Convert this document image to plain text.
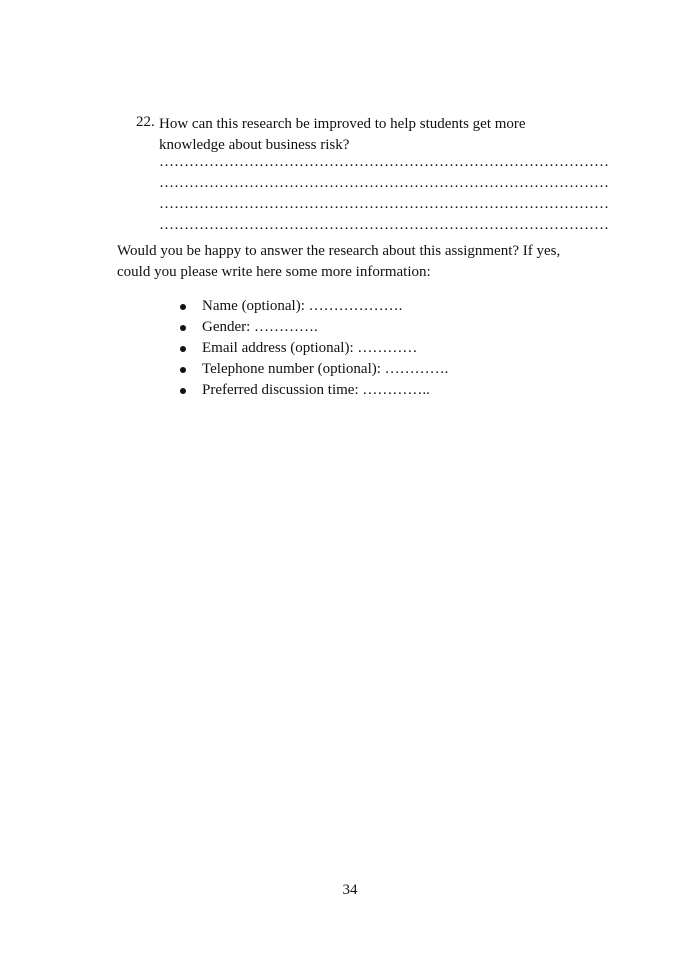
22. How can this research be improved to help students get more
knowledge about business risk?
………………………………………………………………………………
………………………………………………………………………………
………………………………………………………………………………
………………………………………………………………………………
Would you be happy to answer the research about this assignment? If yes,
could you please write here some more information:
Name (optional): ……………….
Gender: ………….
Email address (optional): …………
Telephone number (optional): ………….
Preferred discussion time: …………..
34
